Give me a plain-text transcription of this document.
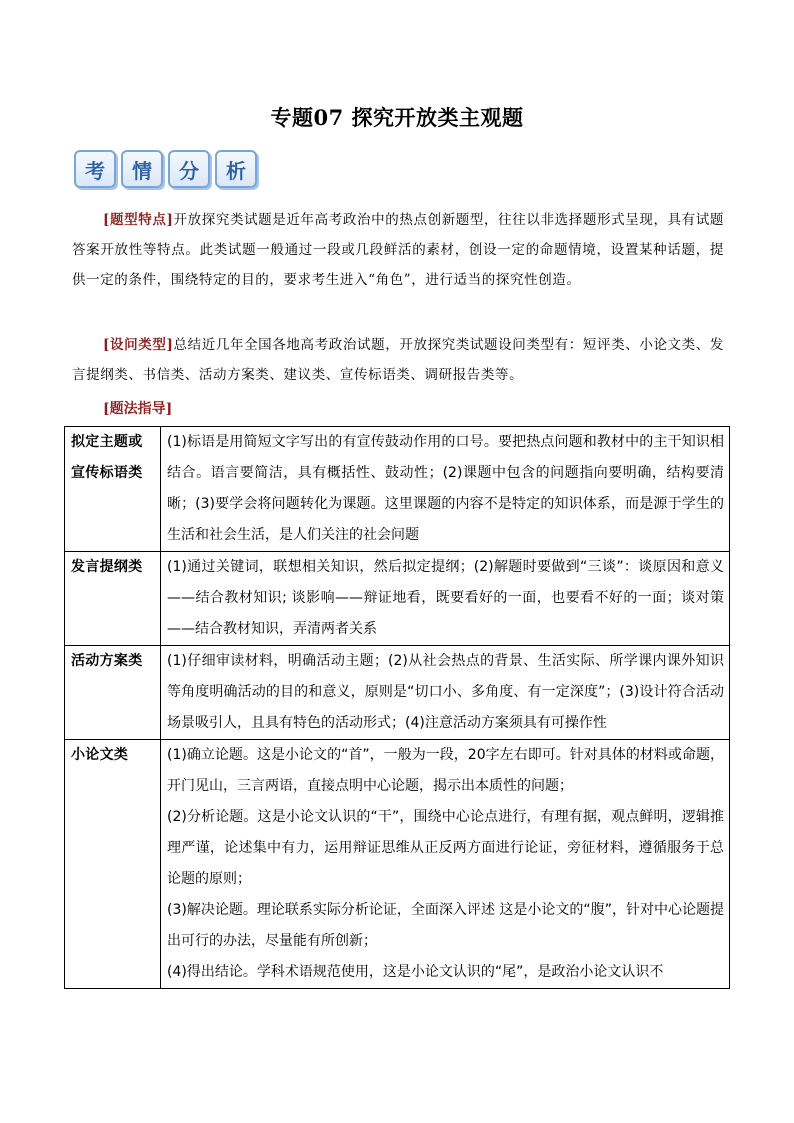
专题07 探究开放类主观题
考	情	分	析
[题型特点]开放探究类试题是近年高考政治中的热点创新题型，往往以非选择题形式呈现，具有试题答案开放性等特点。此类试题一般通过一段或几段鲜活的素材，创设一定的命题情境，设置某种话题，提供一定的条件，围绕特定的目的，要求考生进入“角色”，进行适当的探究性创造。
[设问类型]总结近几年全国各地高考政治试题，开放探究类试题设问类型有：短评类、小论文类、发言提纲类、书信类、活动方案类、建议类、宣传标语类、调研报告类等。
[题法指导]
拟定主题或宣传标语类	(1)标语是用简短文字写出的有宣传鼓动作用的口号。要把热点问题和教材中的主干知识相结合。语言要简洁，具有概括性、鼓动性；(2)课题中包含的问题指向要明确，结构要清晰；(3)要学会将问题转化为课题。这里课题的内容不是特定的知识体系，而是源于学生的生活和社会生活，是人们关注的社会问题

发言提纲类	(1)通过关键词，联想相关知识，然后拟定提纲；(2)解题时要做到“三谈”：谈原因和意义——结合教材知识; 谈影响——辩证地看，既要看好的一面，也要看不好的一面；谈对策——结合教材知识，弄清两者关系

活动方案类	(1)仔细审读材料，明确活动主题；(2)从社会热点的背景、生活实际、所学课内课外知识等角度明确活动的目的和意义，原则是“切口小、多角度、有一定深度”；(3)设计符合活动场景吸引人，且具有特色的活动形式；(4)注意活动方案须具有可操作性

小论文类	(1)确立论题。这是小论文的“首”，一般为一段，20字左右即可。针对具体的材料或命题，开门见山，三言两语，直接点明中心论题，揭示出本质性的问题；
(2)分析论题。这是小论文认识的“干”，围绕中心论点进行，有理有据，观点鲜明，逻辑推理严谨，论述集中有力，运用辩证思维从正反两方面进行论证，旁征材料，遵循服务于总论题的原则；
(3)解决论题。理论联系实际分析论证，全面深入评述 这是小论文的“腹”，针对中心论题提出可行的办法，尽量能有所创新；
(4)得出结论。学科术语规范使用，这是小论文认识的“尾”，是政治小论文认识不
